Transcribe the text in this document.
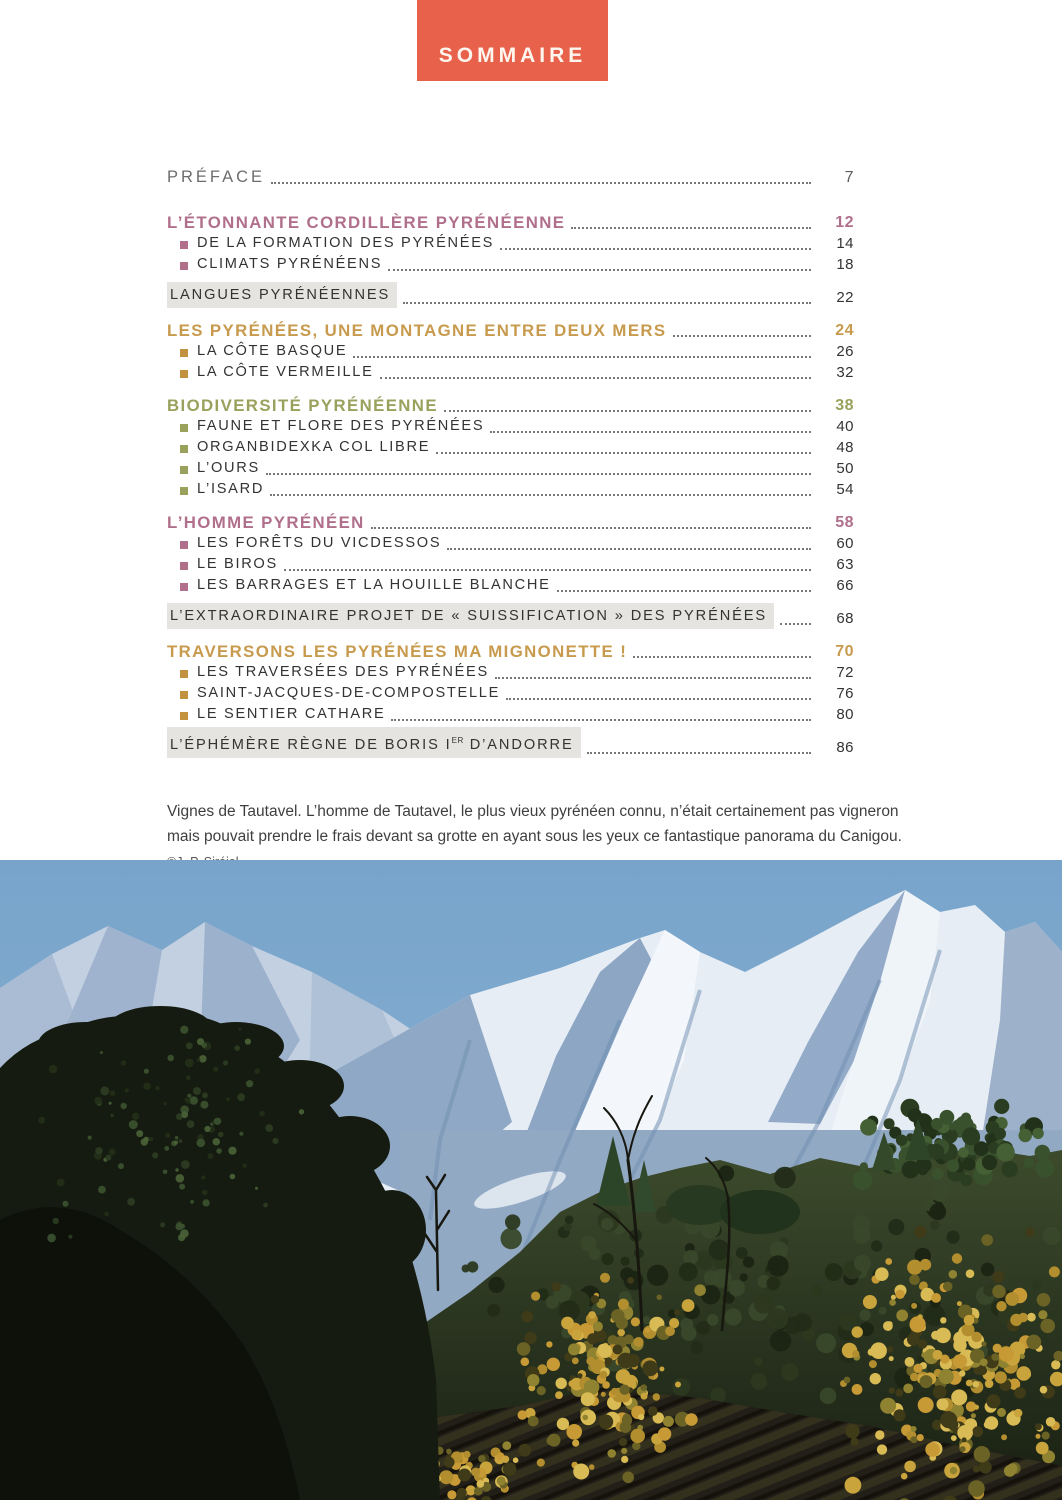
SOMMAIRE
PRÉFACE	7
L’ÉTONNANTE CORDILLÈRE PYRÉNÉENNE	12
DE LA FORMATION DES PYRÉNÉES	14
CLIMATS PYRÉNÉENS	18
LANGUES PYRÉNÉENNES	22
LES PYRÉNÉES, UNE MONTAGNE ENTRE DEUX MERS	24
LA CÔTE BASQUE	26
LA CÔTE VERMEILLE	32
BIODIVERSITÉ PYRÉNÉENNE	38
FAUNE ET FLORE DES PYRÉNÉES	40
ORGANBIDEXKA COL LIBRE	48
L’OURS	50
L’ISARD	54
L’HOMME PYRÉNÉEN	58
LES FORÊTS DU VICDESSOS	60
LE BIROS	63
LES BARRAGES ET LA HOUILLE BLANCHE	66
L’EXTRAORDINAIRE PROJET DE « SUISSIFICATION » DES PYRÉNÉES	68
TRAVERSONS LES PYRÉNÉES MA MIGNONETTE !	70
LES TRAVERSÉES DES PYRÉNÉES	72
SAINT-JACQUES-DE-COMPOSTELLE	76
LE SENTIER CATHARE	80
L’ÉPHÉMÈRE RÈGNE DE BORIS IER D’ANDORRE	86
Vignes de Tautavel. L’homme de Tautavel, le plus vieux pyrénéen connu, n’était certainement pas vigneron mais pouvait prendre le frais devant sa grotte en ayant sous les yeux ce fantastique panorama du Canigou.
